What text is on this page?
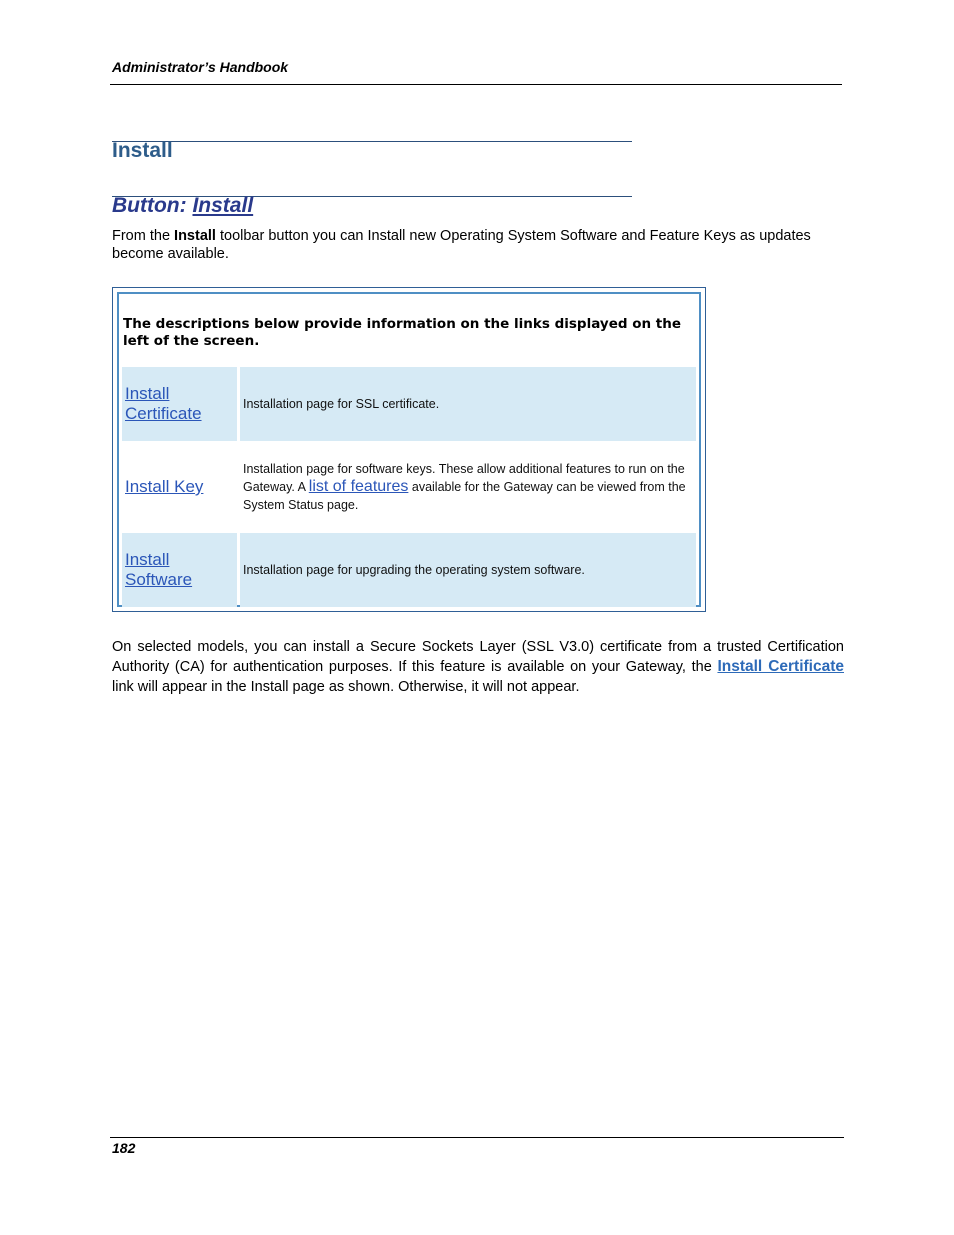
Administrator’s Handbook
Install
Button: Install
From the Install toolbar button you can Install new Operating System Software and Feature Keys as updates become available.
The descriptions below provide information on the links displayed on the left of the screen.
Install
Certificate	Installation page for SSL certificate.
Install Key
Installation page for software keys. These allow additional features to run on the Gateway. A list of features available for the Gateway can be viewed from the System Status page.
Install
Software	Installation page for upgrading the operating system software.
On selected models, you can install a Secure Sockets Layer (SSL V3.0) certificate from a trusted Certification Authority (CA) for authentication purposes. If this feature is available on your Gateway, the Install Certificate link will appear in the Install page as shown. Otherwise, it will not appear.
182
